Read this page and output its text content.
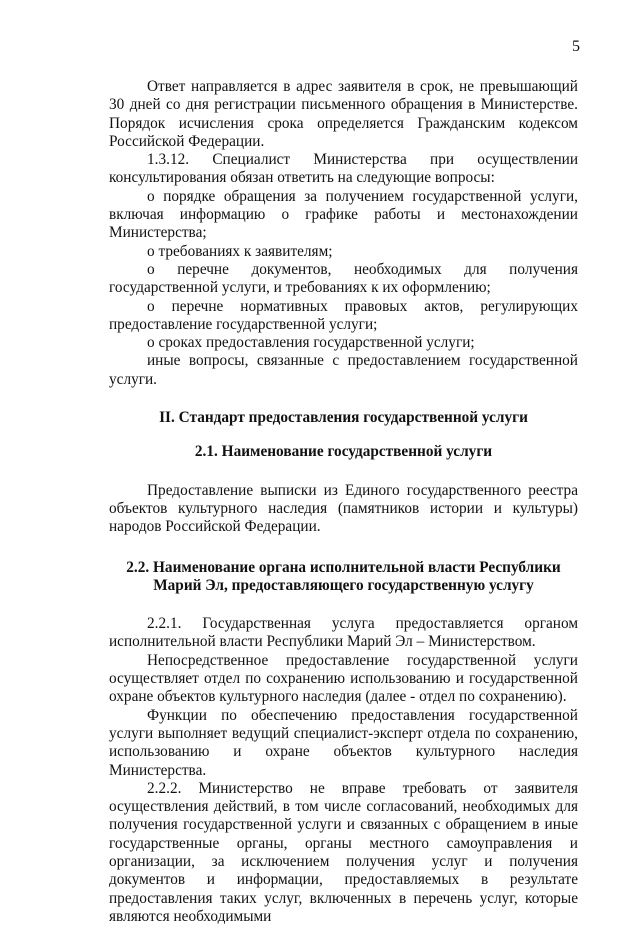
5

Ответ направляется в адрес заявителя в срок, не превышающий 30 дней со дня регистрации письменного обращения в Министерстве. Порядок исчисления срока определяется Гражданским кодексом Российской Федерации.

1.3.12. Специалист Министерства при осуществлении консультирования обязан ответить на следующие вопросы:

о порядке обращения за получением государственной услуги, включая информацию о графике работы и местонахождении Министерства;

о требованиях к заявителям;

о перечне документов, необходимых для получения государственной услуги, и требованиях к их оформлению;

о перечне нормативных правовых актов, регулирующих предоставление государственной услуги;

о сроках предоставления государственной услуги;

иные вопросы, связанные с предоставлением государственной услуги.

II. Стандарт предоставления государственной услуги

2.1. Наименование государственной услуги

Предоставление выписки из Единого государственного реестра объектов культурного наследия (памятников истории и культуры) народов Российской Федерации.

2.2. Наименование органа исполнительной власти Республики Марий Эл, предоставляющего государственную услугу

2.2.1. Государственная услуга предоставляется органом исполнительной власти Республики Марий Эл – Министерством.

Непосредственное предоставление государственной услуги осуществляет отдел по сохранению использованию и государственной охране объектов культурного наследия (далее - отдел по сохранению).

Функции по обеспечению предоставления государственной услуги выполняет ведущий специалист-эксперт отдела по сохранению, использованию и охране объектов культурного наследия Министерства.

2.2.2. Министерство не вправе требовать от заявителя осуществления действий, в том числе согласований, необходимых для получения государственной услуги и связанных с обращением в иные государственные органы, органы местного самоуправления и организации, за исключением получения услуг и получения документов и информации, предоставляемых в результате предоставления таких услуг, включенных в перечень услуг, которые являются необходимыми
